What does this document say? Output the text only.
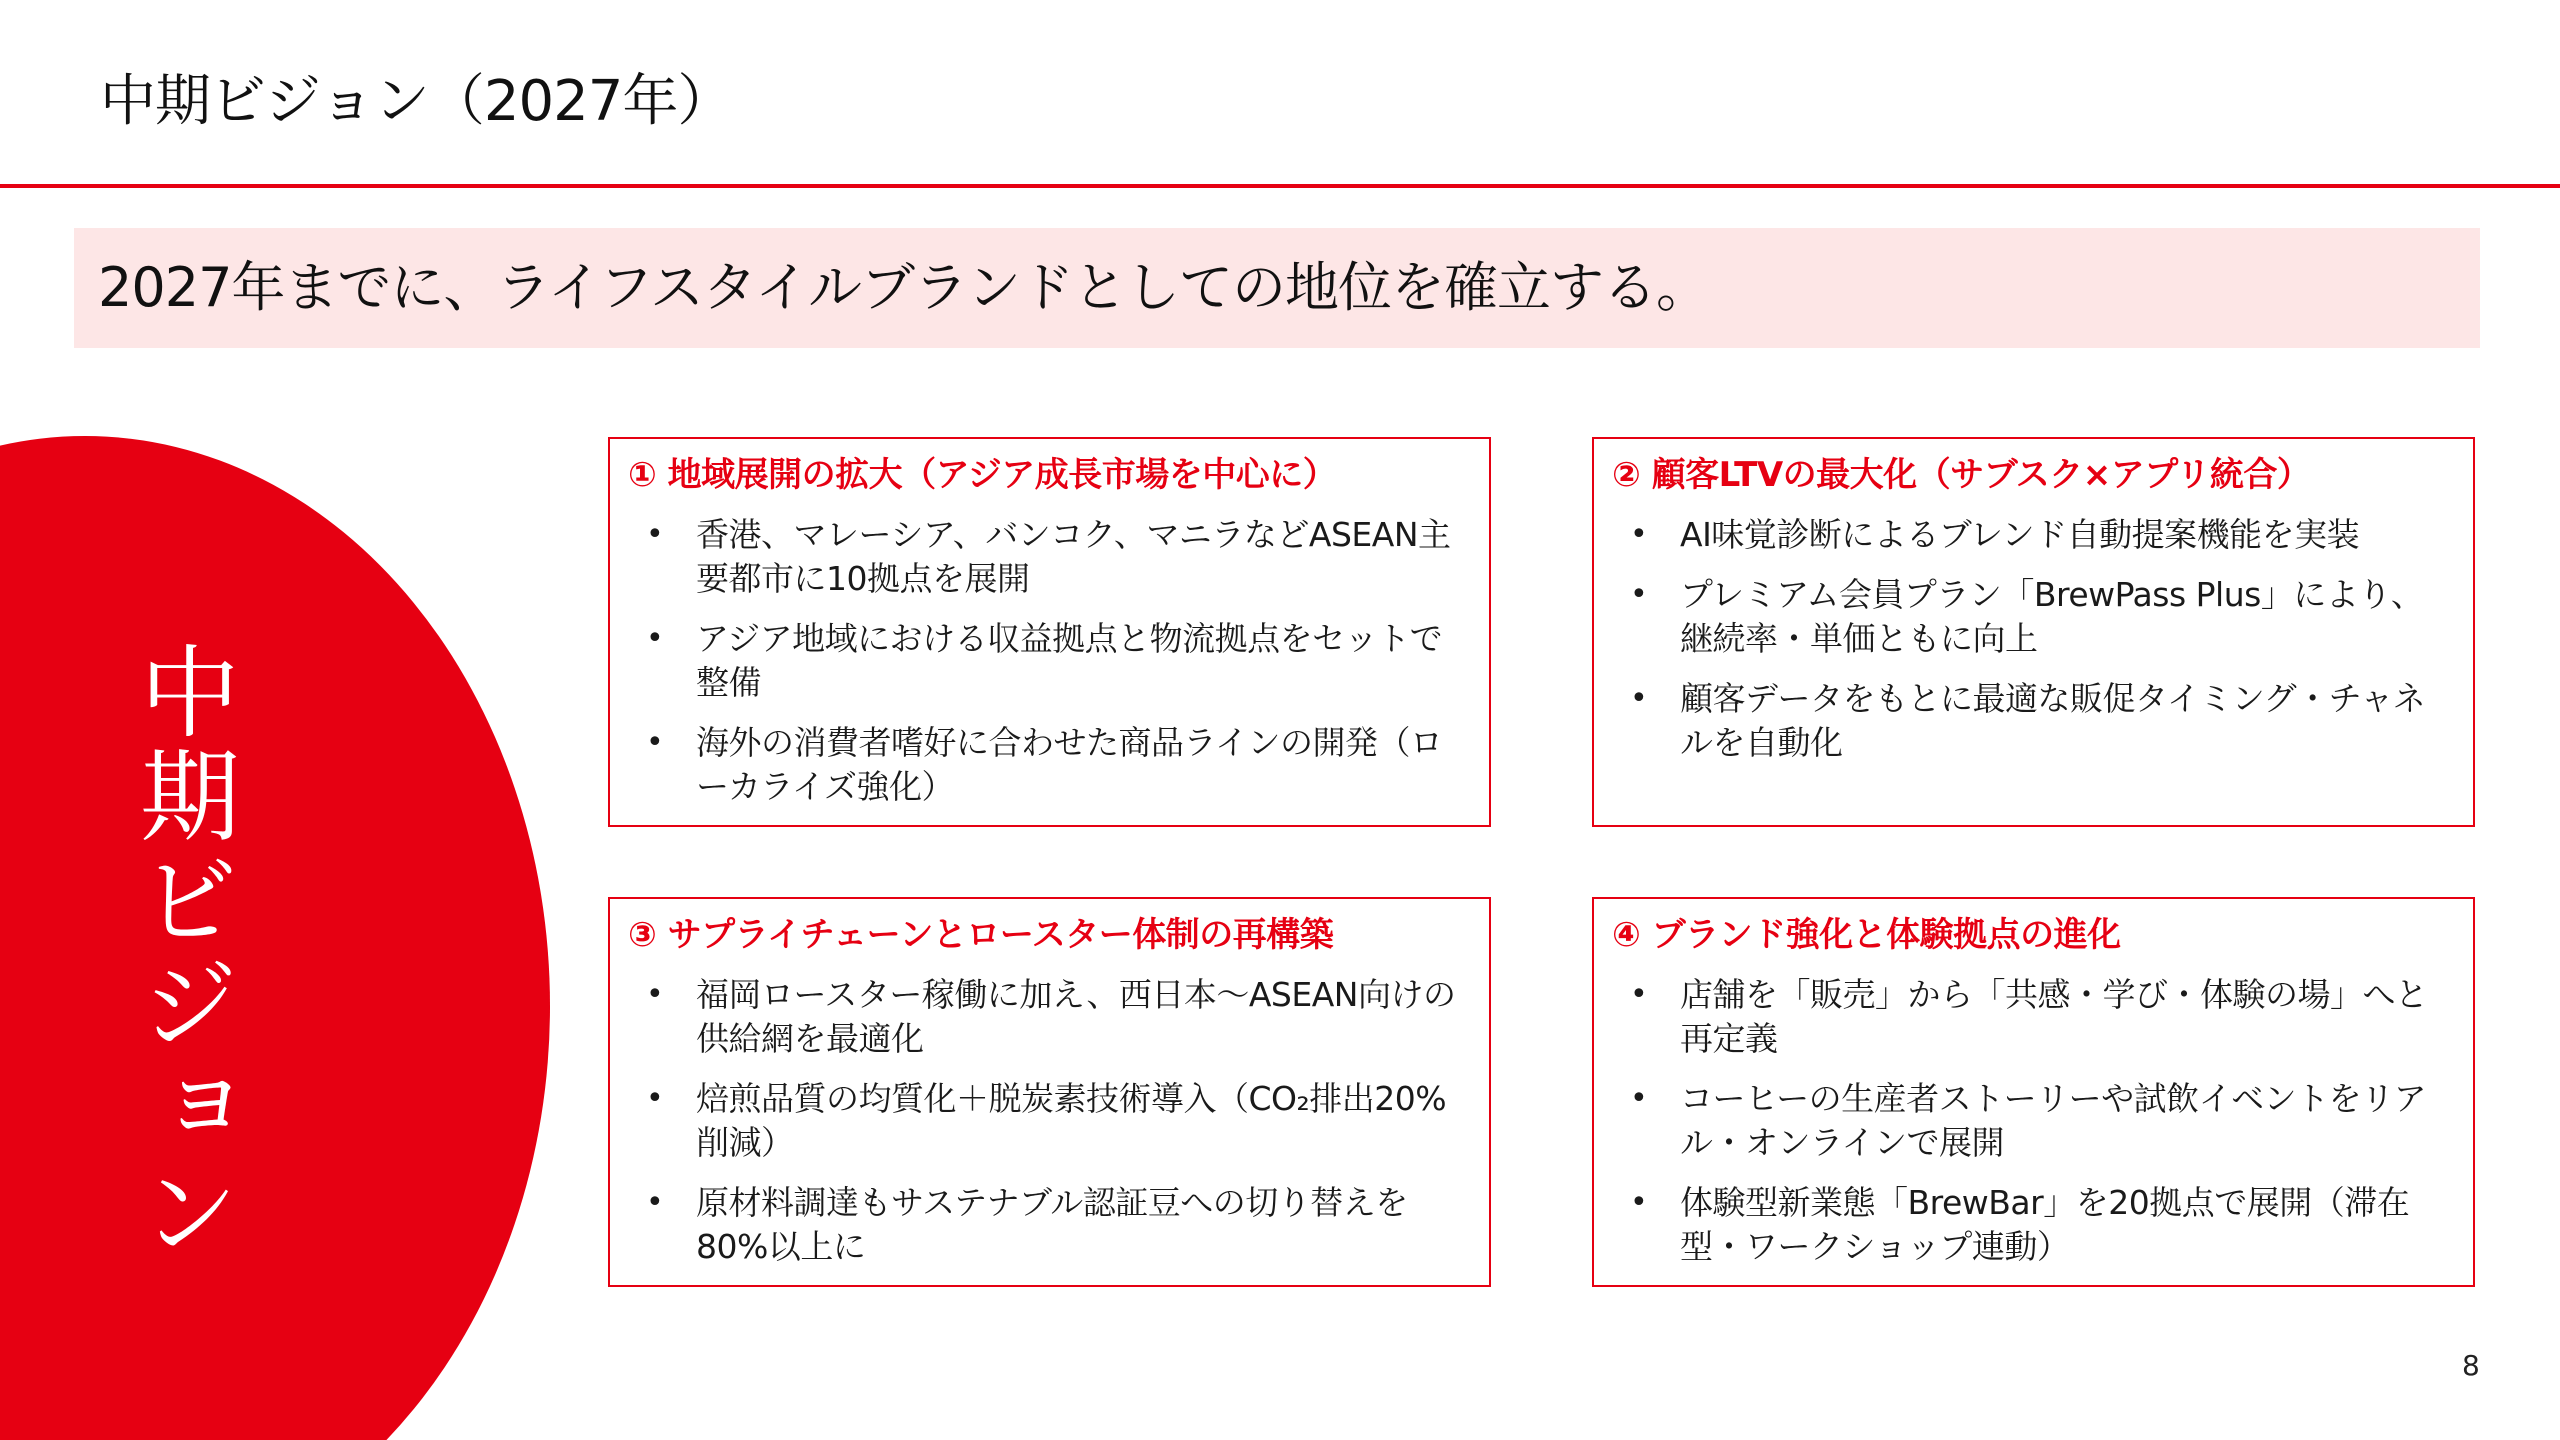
中期ビジョン（2027年）
2027年までに、ライフスタイルブランドとしての地位を確立する。
中期ビジョン
① 地域展開の拡大（アジア成長市場を中心に）
• 香港、マレーシア、バンコク、マニラなどASEAN主要都市に10拠点を展開
• アジア地域における収益拠点と物流拠点をセットで整備
• 海外の消費者嗜好に合わせた商品ラインの開発（ローカライズ強化）
② 顧客LTVの最大化（サブスク×アプリ統合）
• AI味覚診断によるブレンド自動提案機能を実装
• プレミアム会員プラン「BrewPass Plus」により、継続率・単価ともに向上
• 顧客データをもとに最適な販促タイミング・チャネルを自動化
③ サプライチェーンとロースター体制の再構築
• 福岡ロースター稼働に加え、西日本〜ASEAN向けの供給網を最適化
• 焙煎品質の均質化＋脱炭素技術導入（CO₂排出20%削減）
• 原材料調達もサステナブル認証豆への切り替えを80%以上に
④ ブランド強化と体験拠点の進化
• 店舗を「販売」から「共感・学び・体験の場」へと再定義
• コーヒーの生産者ストーリーや試飲イベントをリアル・オンラインで展開
• 体験型新業態「BrewBar」を20拠点で展開（滞在型・ワークショップ連動）
8
